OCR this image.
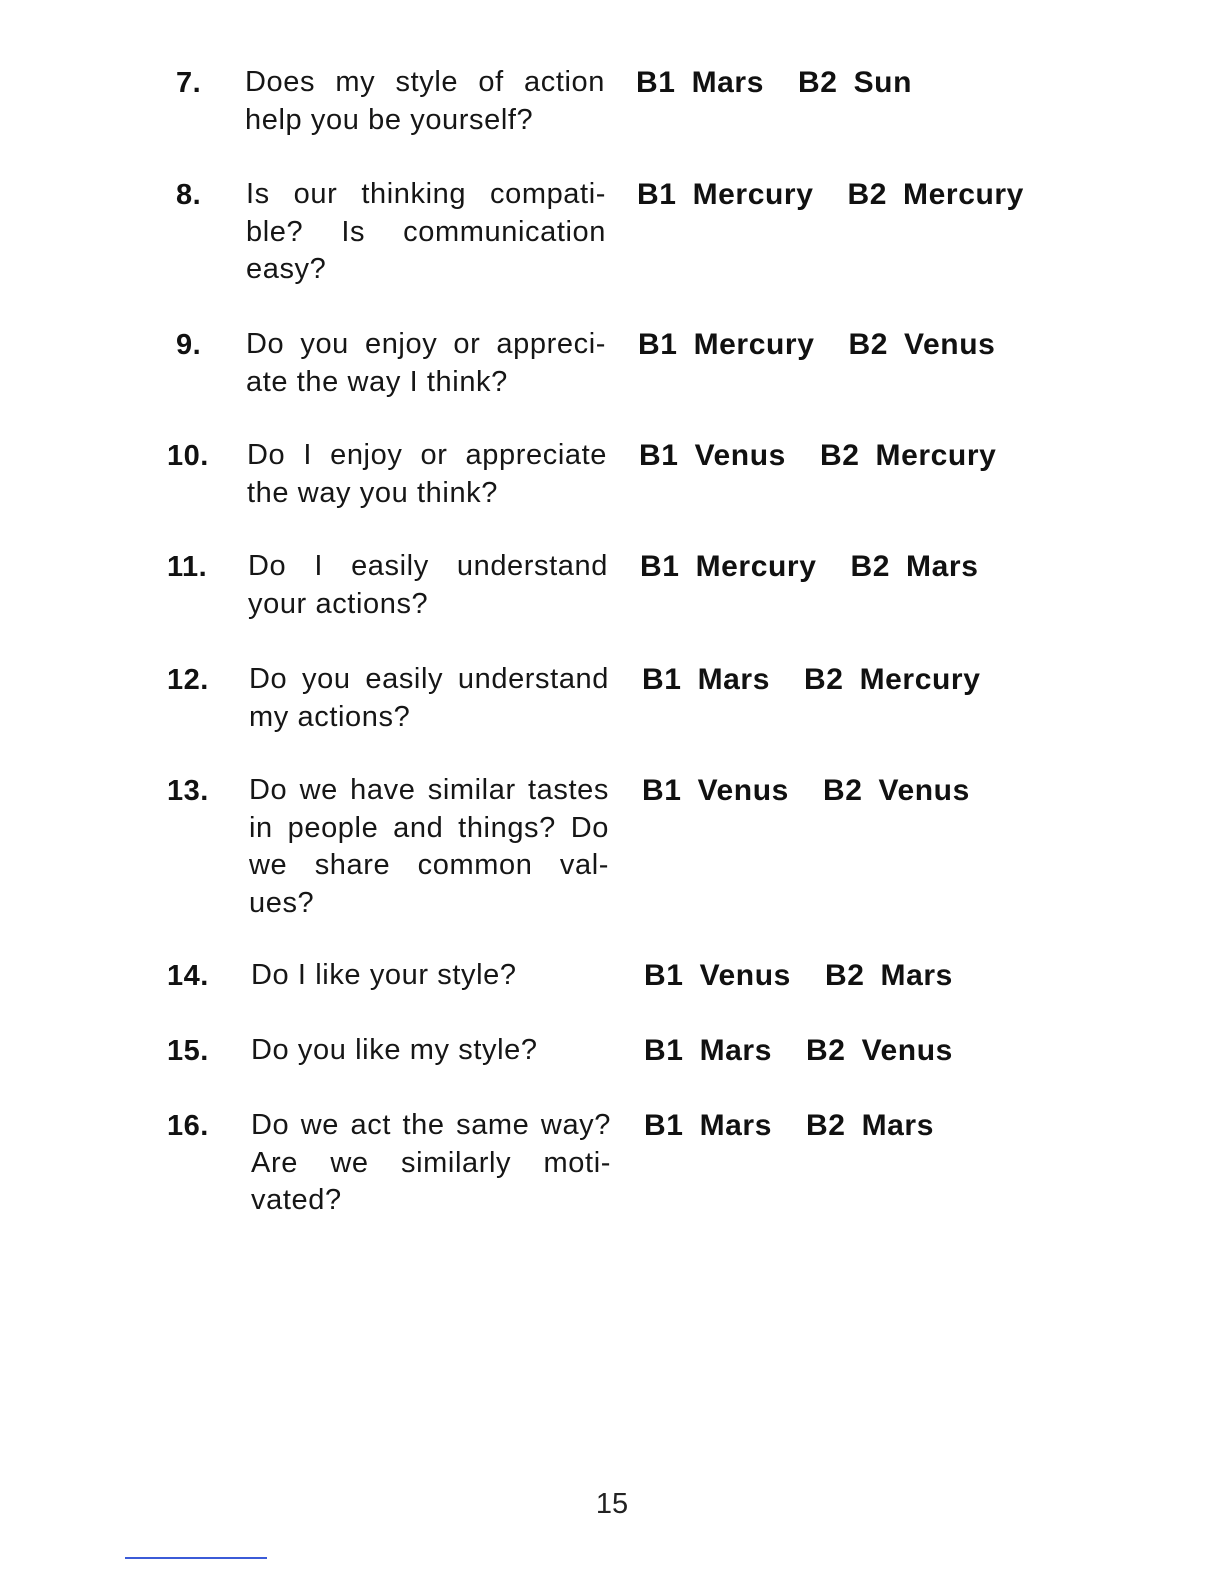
7. Does my style of action help you be yourself?

B1 Mars B2 Sun
8. Is our thinking compati- ble? Is communication easy?

B1 Mercury B2 Mercury
9. Do you enjoy or appreci- ate the way I think?

B1 Mercury B2 Venus
10. Do I enjoy or appreciate the way you think?

B1 Venus B2 Mercury
11. Do I easily understand your actions?

B1 Mercury B2 Mars
12. Do you easily understand my actions?

B1 Mars B2 Mercury
13. Do we have similar tastes in people and things? Do we share common val- ues?

B1 Venus B2 Venus
14. Do I like your style?	B1 Venus B2 Mars
15. Do you like my style?	B1 Mars B2 Venus
16. Do we act the same way? Are we similarly moti- vated?

B1 Mars B2 Mars
15
